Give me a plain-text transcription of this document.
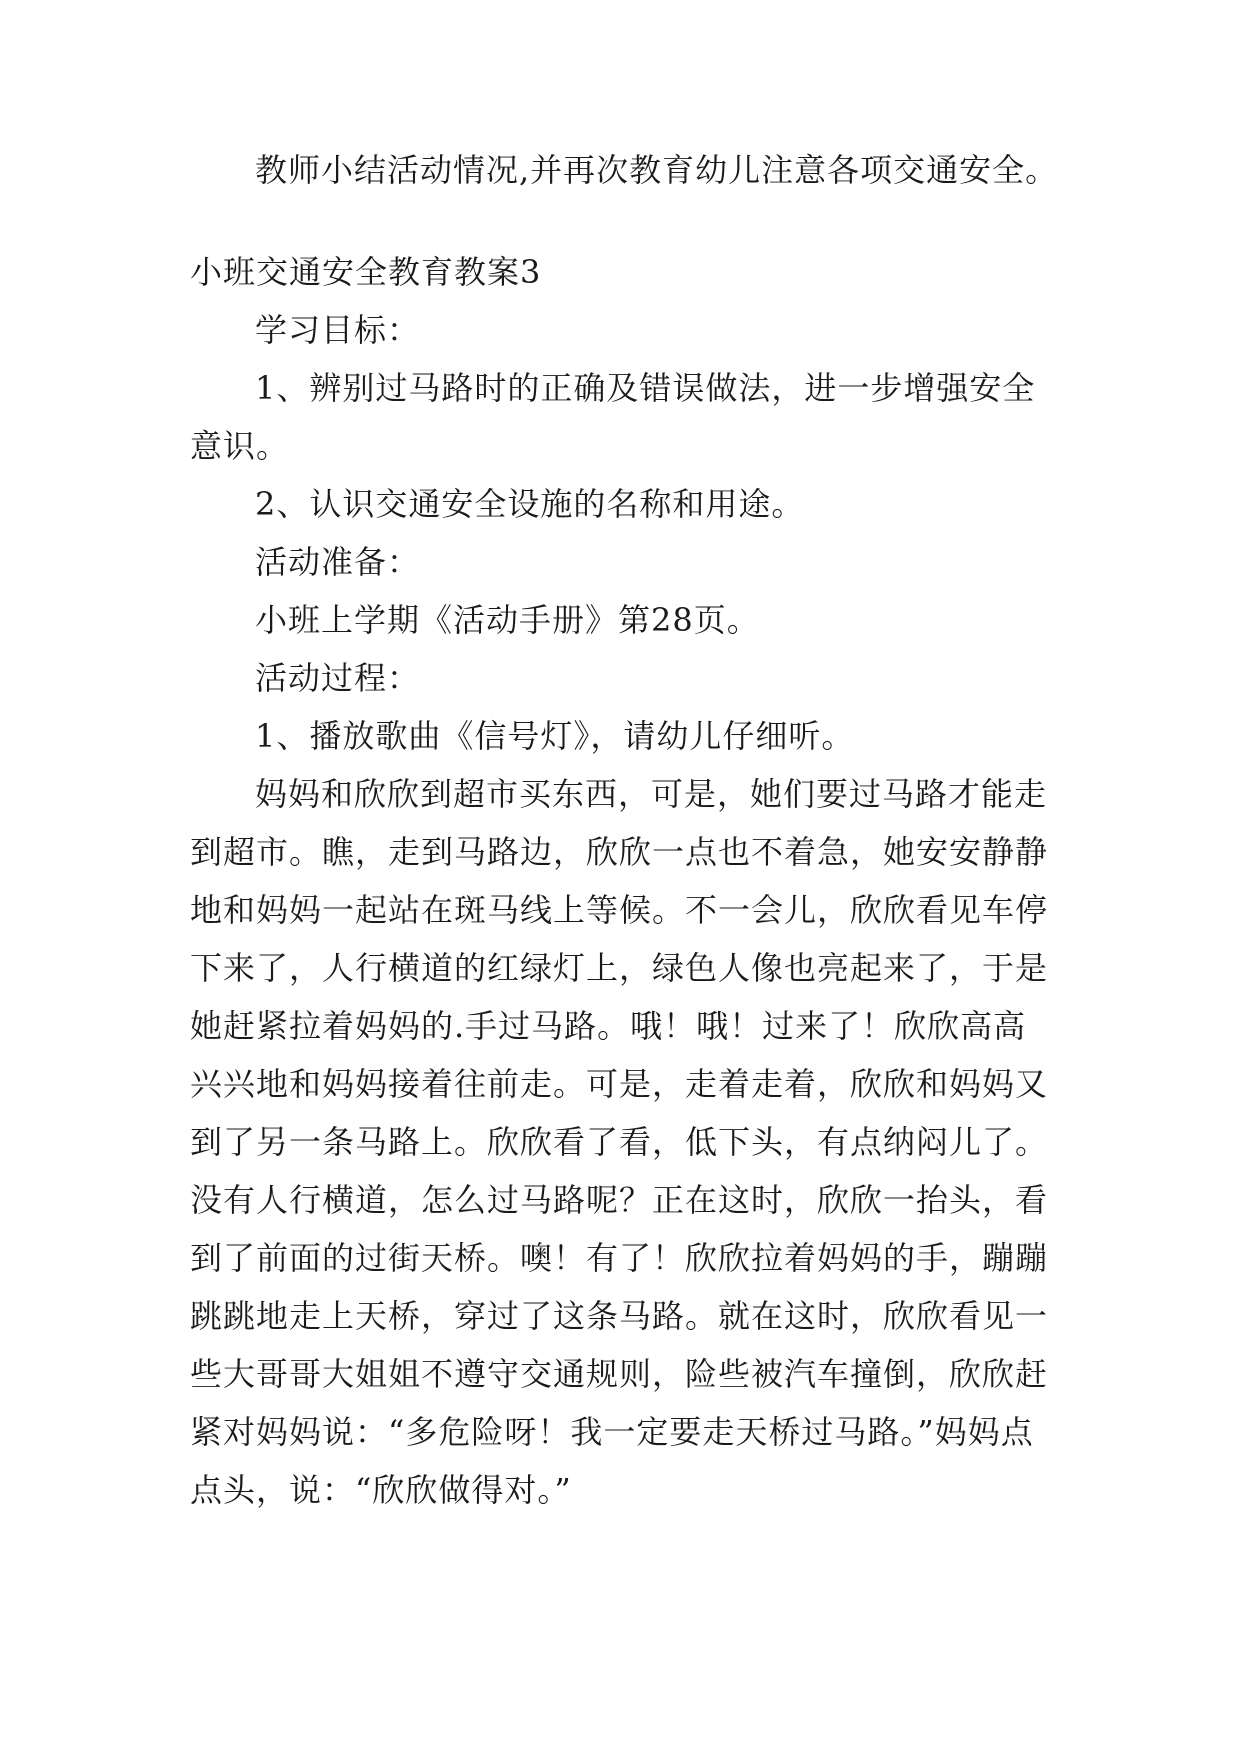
教师小结活动情况,并再次教育幼儿注意各项交通安全。
小班交通安全教育教案3
学习目标：
1、辨别过马路时的正确及错误做法，进一步增强安全
意识。
2、认识交通安全设施的名称和用途。
活动准备：
小班上学期《活动手册》第28页。
活动过程：
1、播放歌曲《信号灯》，请幼儿仔细听。
妈妈和欣欣到超市买东西，可是，她们要过马路才能走
到超市。瞧，走到马路边，欣欣一点也不着急，她安安静静
地和妈妈一起站在斑马线上等候。不一会儿，欣欣看见车停
下来了，人行横道的红绿灯上，绿色人像也亮起来了，于是
她赶紧拉着妈妈的.手过马路。哦！哦！过来了！欣欣高高
兴兴地和妈妈接着往前走。可是，走着走着，欣欣和妈妈又
到了另一条马路上。欣欣看了看，低下头，有点纳闷儿了。
没有人行横道，怎么过马路呢？正在这时，欣欣一抬头，看
到了前面的过街天桥。噢！有了！欣欣拉着妈妈的手，蹦蹦
跳跳地走上天桥，穿过了这条马路。就在这时，欣欣看见一
些大哥哥大姐姐不遵守交通规则，险些被汽车撞倒，欣欣赶
紧对妈妈说：“多危险呀！我一定要走天桥过马路。”妈妈点
点头，说：“欣欣做得对。”
